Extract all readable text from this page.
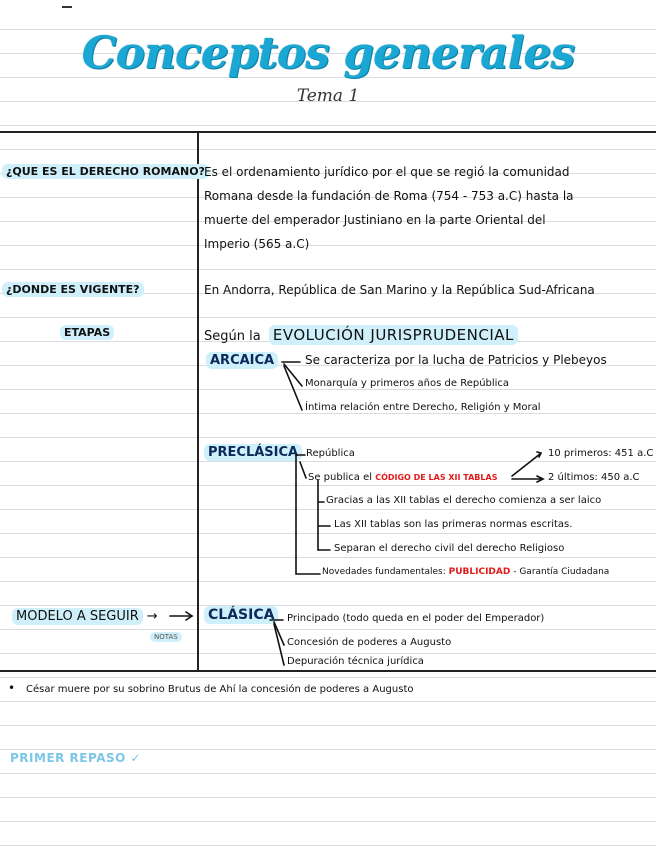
Conceptos generales
Tema 1
¿QUE ES EL DERECHO ROMANO? Es el ordenamiento jurídico por el que se regió la comunidad
Romana desde la fundación de Roma (754 - 753 a.C) hasta la
muerte del emperador Justiniano en la parte Oriental del
Imperio (565 a.C)
¿DONDE ES VIGENTE?	En Andorra, República de San Marino y la República Sud-Africana
ETAPAS	Según la EVOLUCIÓN JURISPRUDENCIAL
ARCAICA	Se caracteriza por la lucha de Patricios y Plebeyos
Monarquía y primeros años de República
Íntima relación entre Derecho, Religión y Moral
PRECLÁSICA República
Se publica el CÓDIGO DE LAS XII TABLAS
10 primeros: 451 a.C
2 últimos: 450 a.C
Gracias a las XII tablas el derecho comienza a ser laico
Las XII tablas son las primeras normas escritas.
Separan el derecho civil del derecho Religioso
Novedades fundamentales: PUBLICIDAD - Garantía Ciudadana
MODELO A SEGUIR →
NOTAS
CLÁSICA	Principado (todo queda en el poder del Emperador)
Concesión de poderes a Augusto
Depuración técnica jurídica
• César muere por su sobrino Brutus de Ahí la concesión de poderes a Augusto
PRIMER REPASO ✓
